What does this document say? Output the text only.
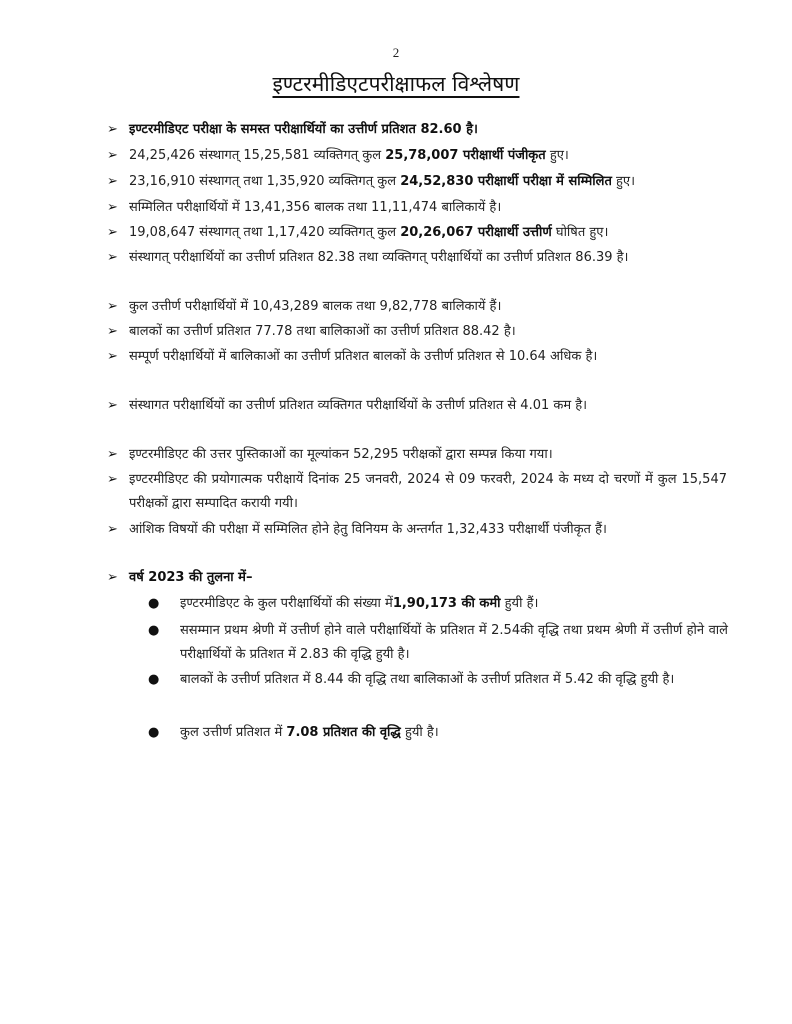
2
इण्टरमीडिएटपरीक्षाफल विश्लेषण
➢ इण्टरमीडिएट परीक्षा के समस्त परीक्षार्थियों का उत्तीर्ण प्रतिशत 82.60 है।
➢ 24,25,426 संस्थागत् 15,25,581 व्यक्तिगत् कुल 25,78,007 परीक्षार्थी पंजीकृत हुए।
➢ 23,16,910 संस्थागत् तथा 1,35,920 व्यक्तिगत् कुल 24,52,830 परीक्षार्थी परीक्षा में सम्मिलित हुए।
➢ सम्मिलित परीक्षार्थियों में 13,41,356 बालक तथा 11,11,474 बालिकायें है।
➢ 19,08,647 संस्थागत् तथा 1,17,420 व्यक्तिगत् कुल 20,26,067 परीक्षार्थी उत्तीर्ण घोषित हुए।
➢ संस्थागत् परीक्षार्थियों का उत्तीर्ण प्रतिशत 82.38 तथा व्यक्तिगत् परीक्षार्थियों का उत्तीर्ण प्रतिशत 86.39 है।
➢ कुल उत्तीर्ण परीक्षार्थियों में 10,43,289 बालक तथा 9,82,778 बालिकायें हैं।
➢ बालकों का उत्तीर्ण प्रतिशत 77.78 तथा बालिकाओं का उत्तीर्ण प्रतिशत 88.42 है।
➢ सम्पूर्ण परीक्षार्थियों में बालिकाओं का उत्तीर्ण प्रतिशत बालकों के उत्तीर्ण प्रतिशत से 10.64 अधिक है।
➢ संस्थागत परीक्षार्थियों का उत्तीर्ण प्रतिशत व्यक्तिगत परीक्षार्थियों के उत्तीर्ण प्रतिशत से 4.01 कम है।
➢ इण्टरमीडिएट की उत्तर पुस्तिकाओं का मूल्यांकन 52,295 परीक्षकों द्वारा सम्पन्न किया गया।
➢ इण्टरमीडिएट की प्रयोगात्मक परीक्षायें दिनांक 25 जनवरी, 2024 से 09 फरवरी, 2024 के मध्य दो चरणों में कुल 15,547 परीक्षकों द्वारा सम्पादित करायी गयी।
➢ आंशिक विषयों की परीक्षा में सम्मिलित होने हेतु विनियम के अन्तर्गत 1,32,433 परीक्षार्थी पंजीकृत हैं।
➢ वर्ष 2023 की तुलना में–
●	इण्टरमीडिएट के कुल परीक्षार्थियों की संख्या में1,90,173 की कमी हुयी हैं।
●	ससम्मान प्रथम श्रेणी में उत्तीर्ण होने वाले परीक्षार्थियों के प्रतिशत में 2.54की वृद्धि तथा प्रथम श्रेणी में उत्तीर्ण होने वाले परीक्षार्थियों के प्रतिशत में 2.83 की वृद्धि हुयी है।
●	बालकों के उत्तीर्ण प्रतिशत में 8.44 की वृद्धि तथा बालिकाओं के उत्तीर्ण प्रतिशत में 5.42 की वृद्धि हुयी है।
●	कुल उत्तीर्ण प्रतिशत में 7.08 प्रतिशत की वृद्धि हुयी है।
